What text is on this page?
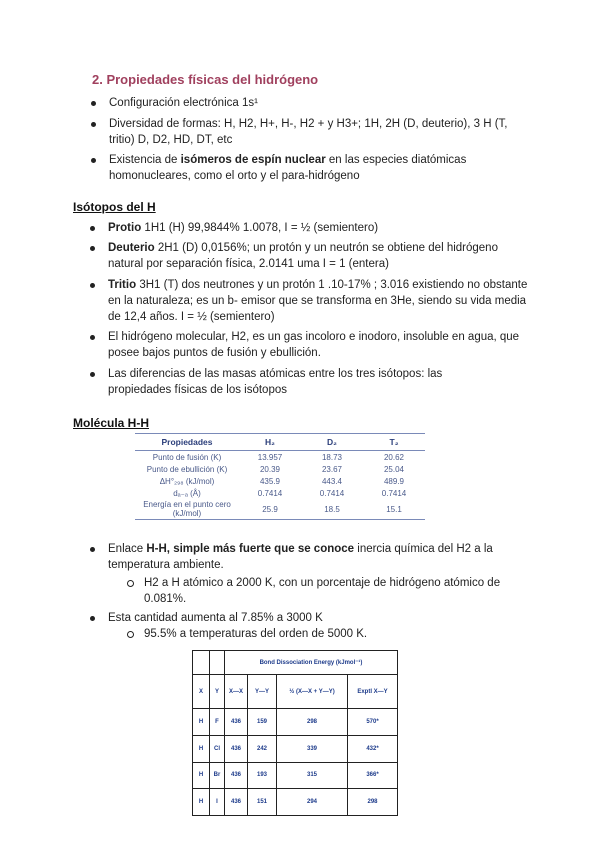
2. Propiedades físicas del hidrógeno
Configuración electrónica 1s¹
Diversidad de formas: H, H2, H+, H-, H2 + y H3+; 1H, 2H (D, deuterio), 3 H (T, tritio) D, D2, HD, DT, etc
Existencia de isómeros de espín nuclear en las especies diatómicas homonucleares, como el orto y el para-hidrógeno
Isótopos del H
Protio 1H1 (H) 99,9844% 1.0078, I = ½ (semientero)
Deuterio 2H1 (D) 0,0156%; un protón y un neutrón se obtiene del hidrógeno natural por separación física, 2.0141 uma I = 1 (entera)
Tritio 3H1 (T) dos neutrones y un protón 1 .10-17% ; 3.016 existiendo no obstante en la naturaleza; es un b- emisor que se transforma en 3He, siendo su vida media de 12,4 años. I = ½ (semientero)
El hidrógeno molecular, H2, es un gas incoloro e inodoro, insoluble en agua, que posee bajos puntos de fusión y ebullición.
Las diferencias de las masas atómicas entre los tres isótopos: las propiedades físicas de los isótopos
Molécula H-H
Propiedades	H₂	D₂	T₂
Punto de fusión (K)	13.957	18.73	20.62
Punto de ebullición (K)	20.39	23.67	25.04
ΔH°₂₉₈ (kJ/mol)	435.9	443.4	489.9
dₐ₋ₐ (Å)	0.7414	0.7414	0.7414
Energía en el punto cero (kJ/mol)	25.9	18.5	15.1
Enlace H-H, simple más fuerte que se conoce inercia química del H2 a la temperatura ambiente.
H2 a H atómico a 2000 K, con un porcentaje de hidrógeno atómico de 0.081%.
Esta cantidad aumenta al 7.85% a 3000 K
95.5% a temperaturas del orden de 5000 K.
		Bond Dissociation Energy (kJmol⁻¹)			
X	Y	X—X	Y—Y	½ (X—X + Y—Y)	Exptl X—Y
H	F	436	159	298	570*
H	Cl	436	242	339	432*
H	Br	436	193	315	366*
H	I	436	151	294	298
